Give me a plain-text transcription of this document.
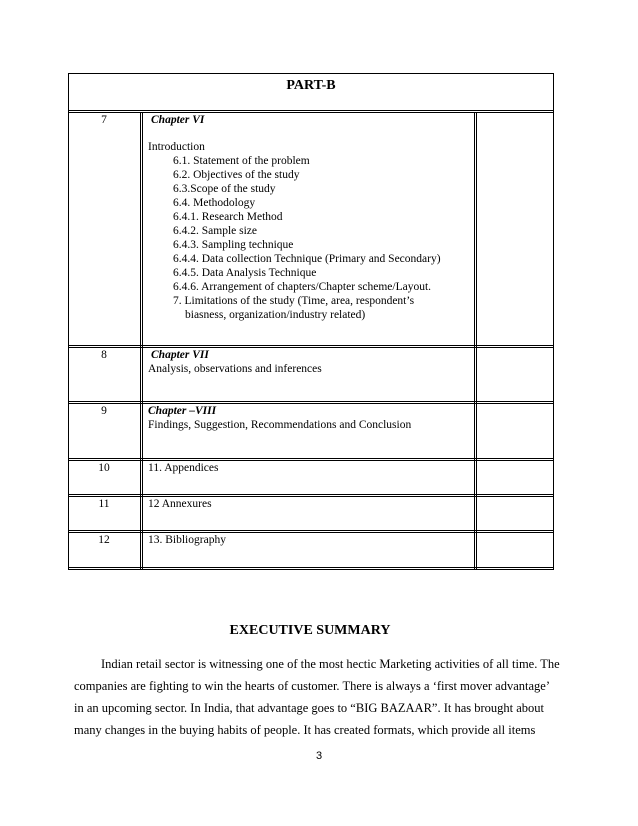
PART-B
7	Chapter VI
Introduction
6.1. Statement of the problem
6.2. Objectives of the study
6.3.Scope of the study
6.4. Methodology
6.4.1. Research Method
6.4.2. Sample size
6.4.3. Sampling technique
6.4.4. Data collection Technique (Primary and Secondary)
6.4.5. Data Analysis Technique
6.4.6. Arrangement of chapters/Chapter scheme/Layout.
7. Limitations of the study (Time, area, respondent’s
biasness, organization/industry related)
8	Chapter VII
Analysis, observations and inferences
9	Chapter –VIII
Findings, Suggestion, Recommendations and Conclusion
10	11. Appendices
11	12 Annexures
12	13. Bibliography
EXECUTIVE SUMMARY
Indian retail sector is witnessing one of the most hectic Marketing activities of all time. The
companies are fighting to win the hearts of customer. There is always a ‘first mover advantage’
in an upcoming sector. In India, that advantage goes to “BIG BAZAAR”. It has brought about
many changes in the buying habits of people. It has created formats, which provide all items
3
